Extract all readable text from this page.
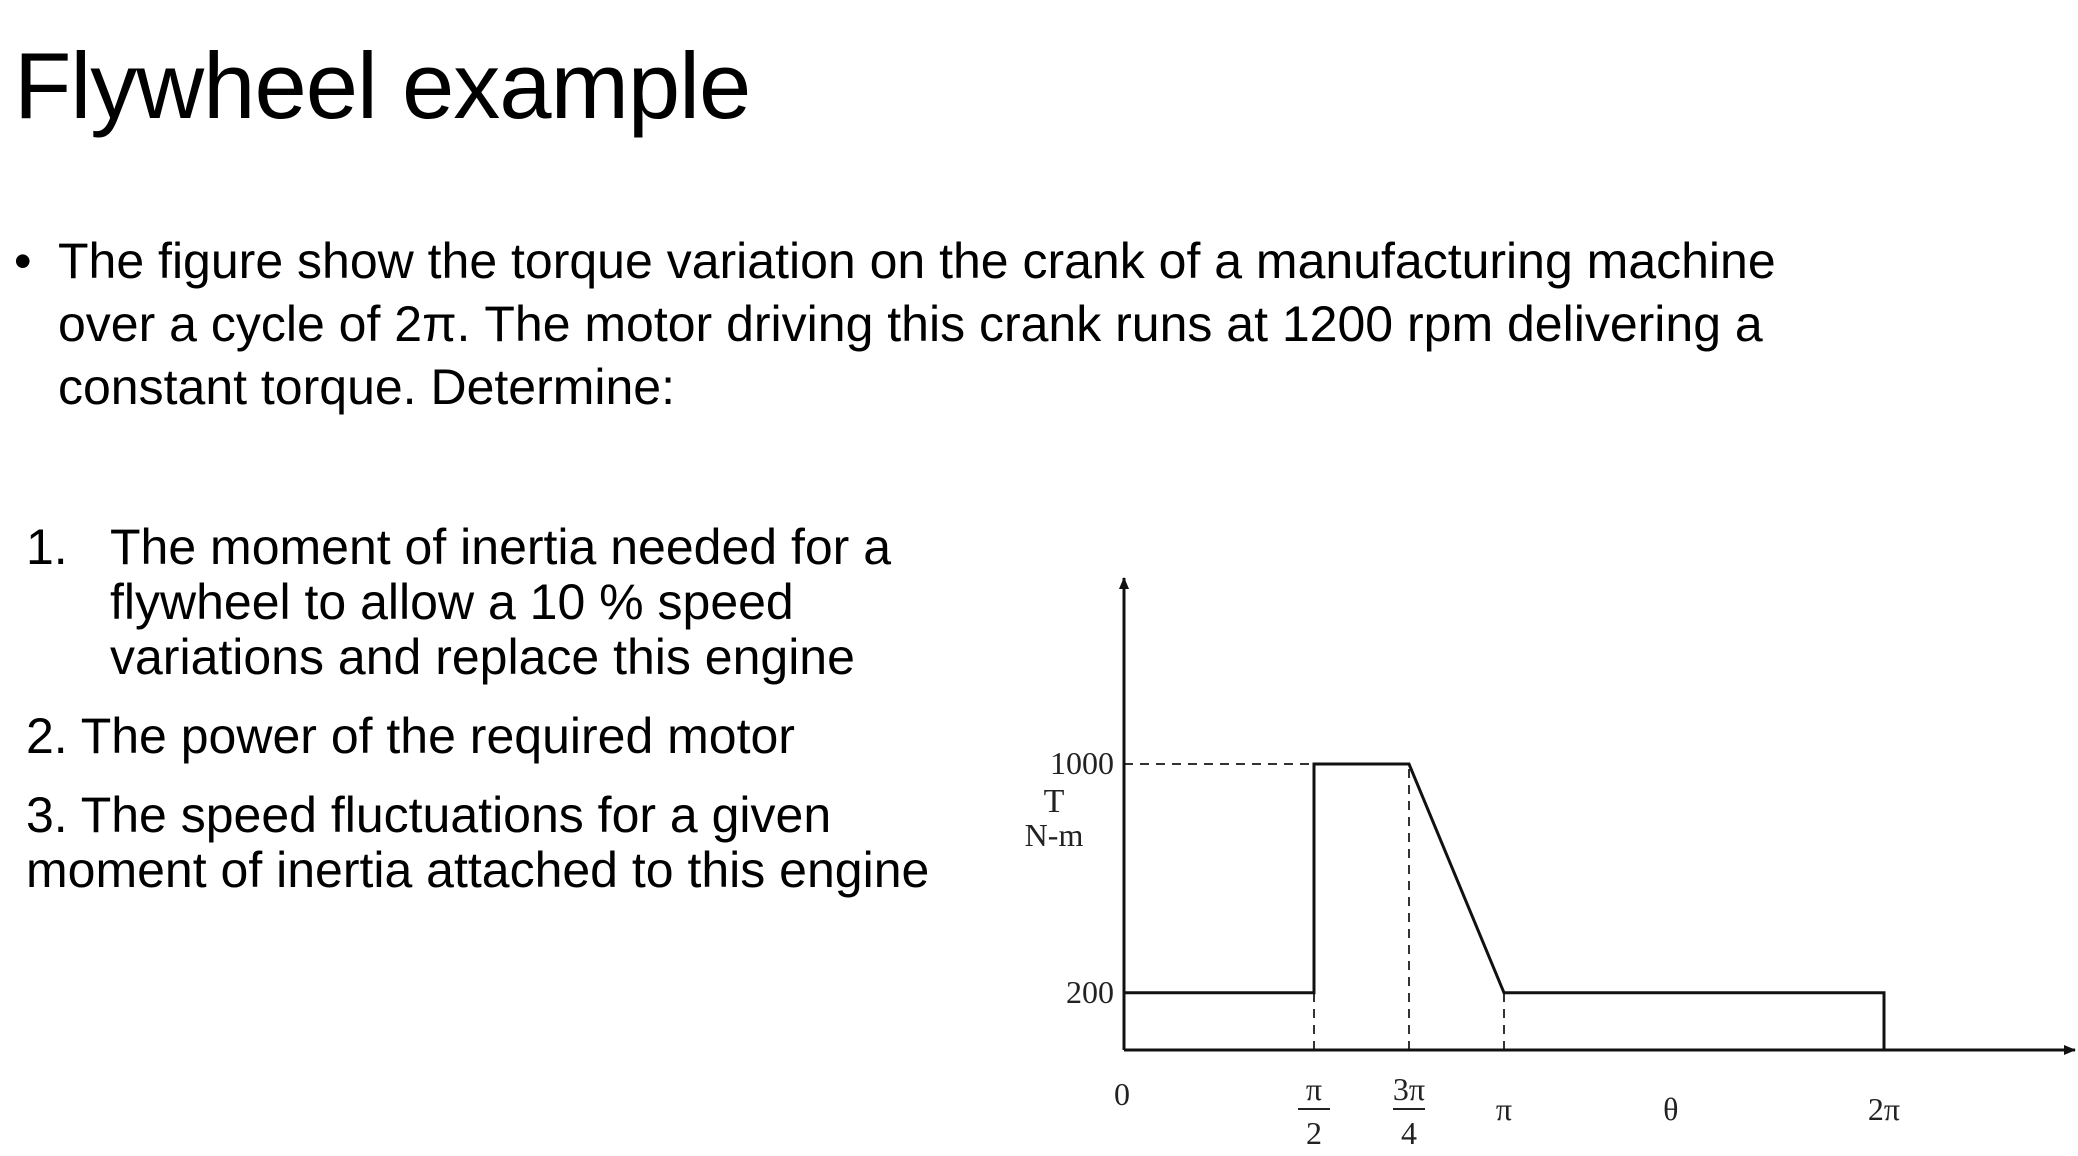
Flywheel example
• The figure show the torque variation on the crank of a manufacturing machine
over a cycle of 2π. The motor driving this crank runs at 1200 rpm delivering a
constant torque. Determine:
1. The moment of inertia needed for a
flywheel to allow a 10 % speed
variations and replace this engine
2. The power of the required motor
3. The speed fluctuations for a given
moment of inertia attached to this engine
200
1000
T
N-m
0	π
2
3π
4
π	2π
θ
